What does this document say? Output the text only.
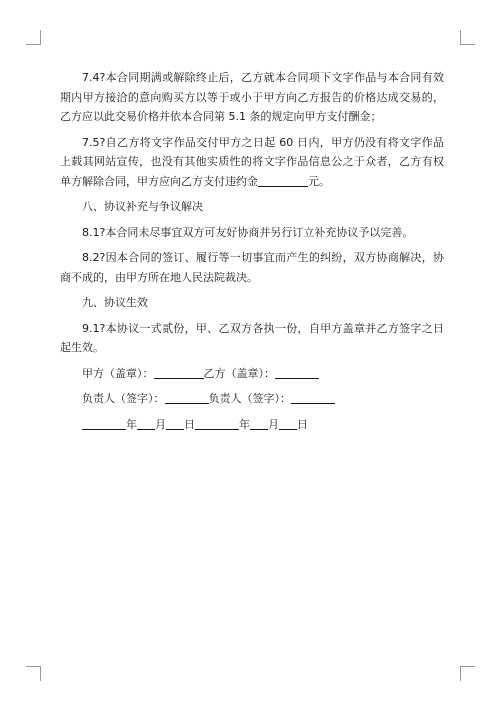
7.4?本合同期满或解除终止后，乙方就本合同项下文字作品与本合同有效期内甲方接洽的意向购买方以等于或小于甲方向乙方报告的价格达成交易的，乙方应以此交易价格并依本合同第 5.1 条的规定向甲方支付酬金；

7.5?自乙方将文字作品交付甲方之日起 60 日内，甲方仍没有将文字作品上载其网站宣传，也没有其他实质性的将文字作品信息公之于众者，乙方有权单方解除合同，甲方应向乙方支付违约金	元。

八、协议补充与争议解决

8.1?本合同未尽事宜双方可友好协商并另行订立补充协议予以完善。

8.2?因本合同的签订、履行等一切事宜而产生的纠纷，双方协商解决，协商不成的，由甲方所在地人民法院裁决。

九、协议生效

9.1?本协议一式贰份，甲、乙双方各执一份，自甲方盖章并乙方签字之日起生效。

甲方（盖章）：	乙方（盖章）：

负责人（签字）：	负责人（签字）：

年 月 日	年 月 日
